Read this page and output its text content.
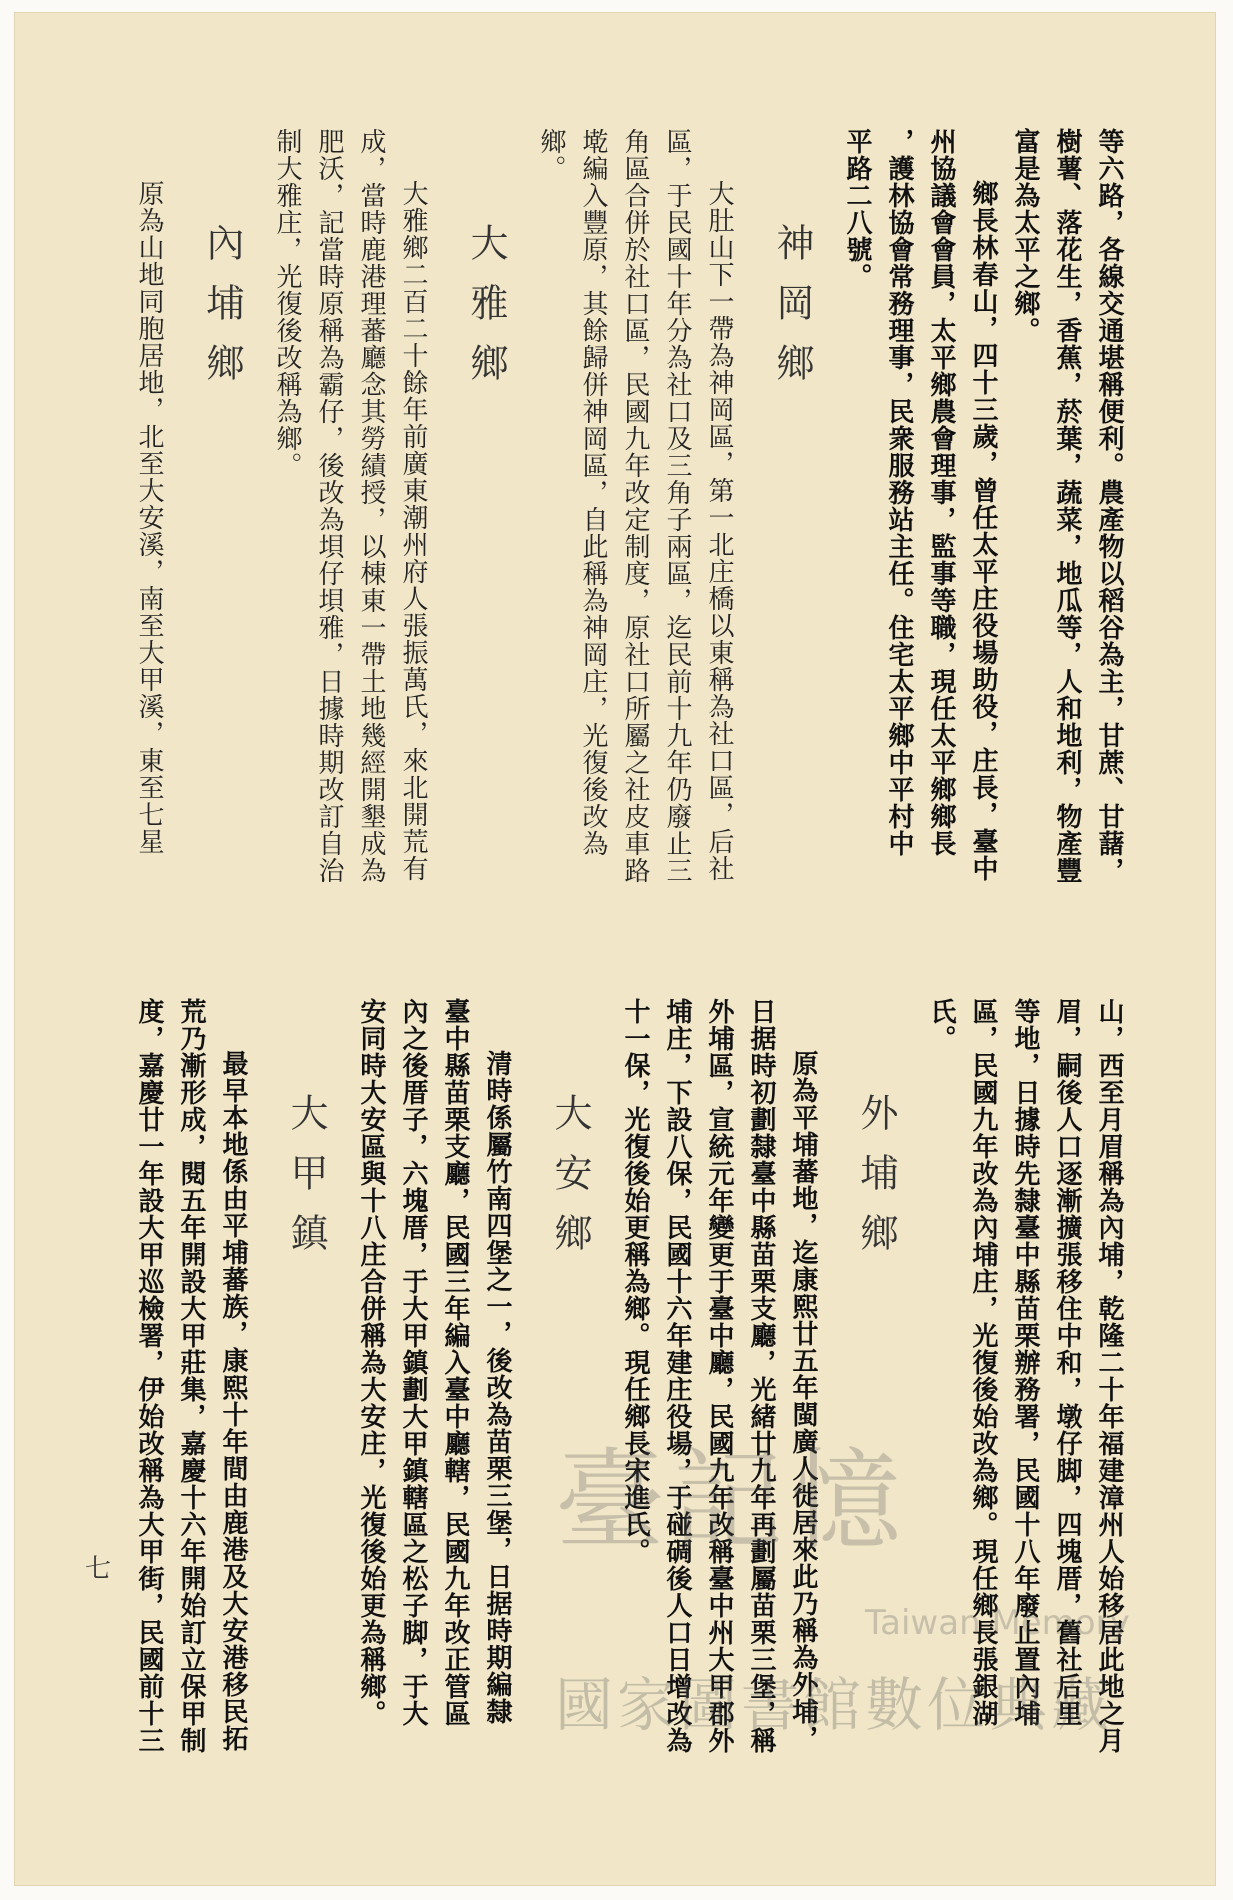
等六路，各線交通堪稱便利。農產物以稻谷為主，甘蔗、甘藷，
樹薯、落花生，香蕉，菸葉，蔬菜，地瓜等，人和地利，物產豐
富是為太平之鄉。
鄉長林春山，四十三歲，曾任太平庄役場助役，庄長，臺中
州協議會會員，太平鄉農會理事，監事等職，現任太平鄉鄉長
，護林協會常務理事，民衆服務站主任。住宅太平鄉中平村中
平路二八號。
神岡鄉
大肚山下一帶為神岡區，第一北庄橋以東稱為社口區，后社
區，于民國十年分為社口及三角子兩區，迄民前十九年仍廢止三
角區合併於社口區，民國九年改定制度，原社口所屬之社皮車路
墘編入豐原，其餘歸併神岡區，自此稱為神岡庄，光復後改為
鄉。
大雅鄉
大雅鄉二百二十餘年前廣東潮州府人張振萬氏，來北開荒有
成，當時鹿港理蕃廳念其勞績授，以棟東一帶土地幾經開墾成為
肥沃，記當時原稱為霸仔，後改為垻仔垻雅，日據時期改訂自治
制大雅庄，光復後改稱為鄉。
內埔鄉
原為山地同胞居地，北至大安溪，南至大甲溪，東至七星
山，西至月眉稱為內埔，乾隆二十年福建漳州人始移居此地之月
眉，嗣後人口逐漸擴張移住中和，墩仔脚，四塊厝，舊社后里
等地，日據時先隸臺中縣苗栗辦務署，民國十八年廢止置內埔
區，民國九年改為內埔庄，光復後始改為鄉。現任鄉長張銀湖
氏。
外埔鄉
原為平埔蕃地，迄康熙廿五年閩廣人徙居來此乃稱為外埔，
日据時初劃隸臺中縣苗栗支廳，光緒廿九年再劃屬苗栗三堡，稱
外埔區，宣統元年變更于臺中廳，民國九年改稱臺中州大甲郡外
埔庄，下設八保，民國十六年建庄役場，于碰碉後人口日增改為
十一保，光復後始更稱為鄉。現任鄉長宋進氏。
大安鄉
清時係屬竹南四堡之一，後改為苗栗三堡，日据時期編隸
臺中縣苗栗支廳，民國三年編入臺中廳轄，民國九年改正管區
內之後厝子，六塊厝，于大甲鎮劃大甲鎮轄區之松子脚，于大
安同時大安區與十八庄合併稱為大安庄，光復後始更為稱鄉。
大甲鎮
最早本地係由平埔蕃族，康熙十年間由鹿港及大安港移民拓
荒乃漸形成，閱五年開設大甲莊集，嘉慶十六年開始訂立保甲制
度，嘉慶廿一年設大甲巡檢署，伊始改稱為大甲街，民國前十三
七
臺記憶
Taiwan Memory
國家圖書館數位典藏
